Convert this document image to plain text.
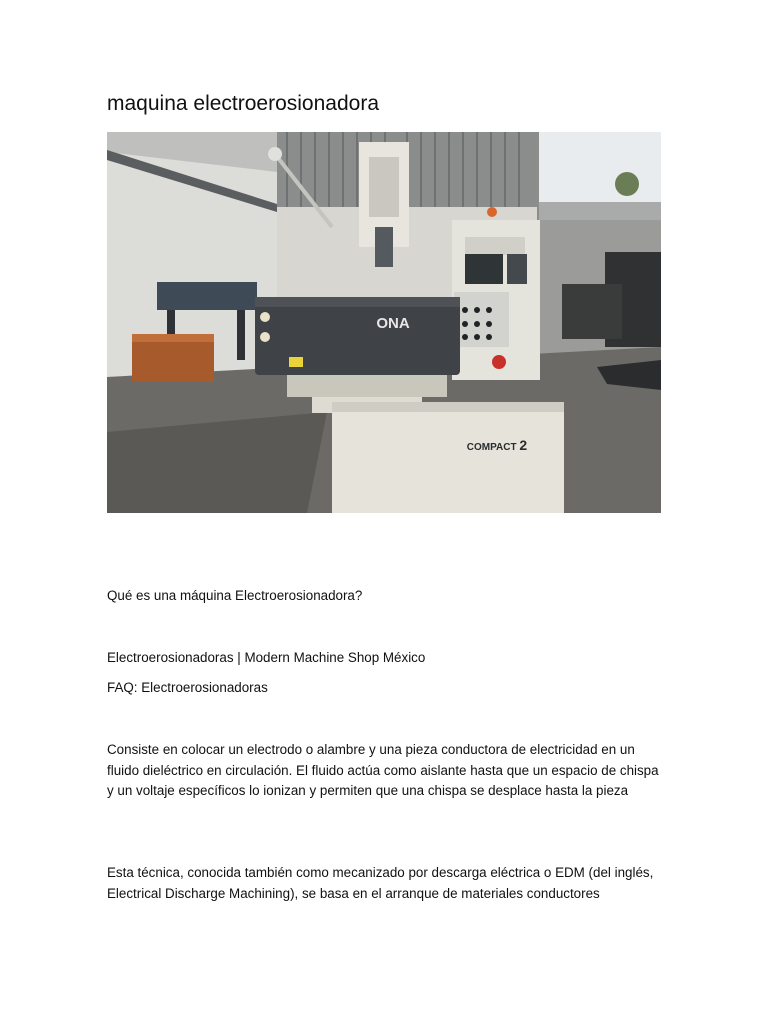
maquina electroerosionadora
ONA
COMPACT 2

Qué es una máquina Electroerosionadora?

Electroerosionadoras | Modern Machine Shop México

FAQ: Electroerosionadoras

Consiste en colocar un electrodo o alambre y una pieza conductora de electricidad en un fluido dieléctrico en circulación. El fluido actúa como aislante hasta que un espacio de chispa y un voltaje específicos lo ionizan y permiten que una chispa se desplace hasta la pieza

Esta técnica, conocida también como mecanizado por descarga eléctrica o EDM (del inglés, Electrical Discharge Machining), se basa en el arranque de materiales conductores
